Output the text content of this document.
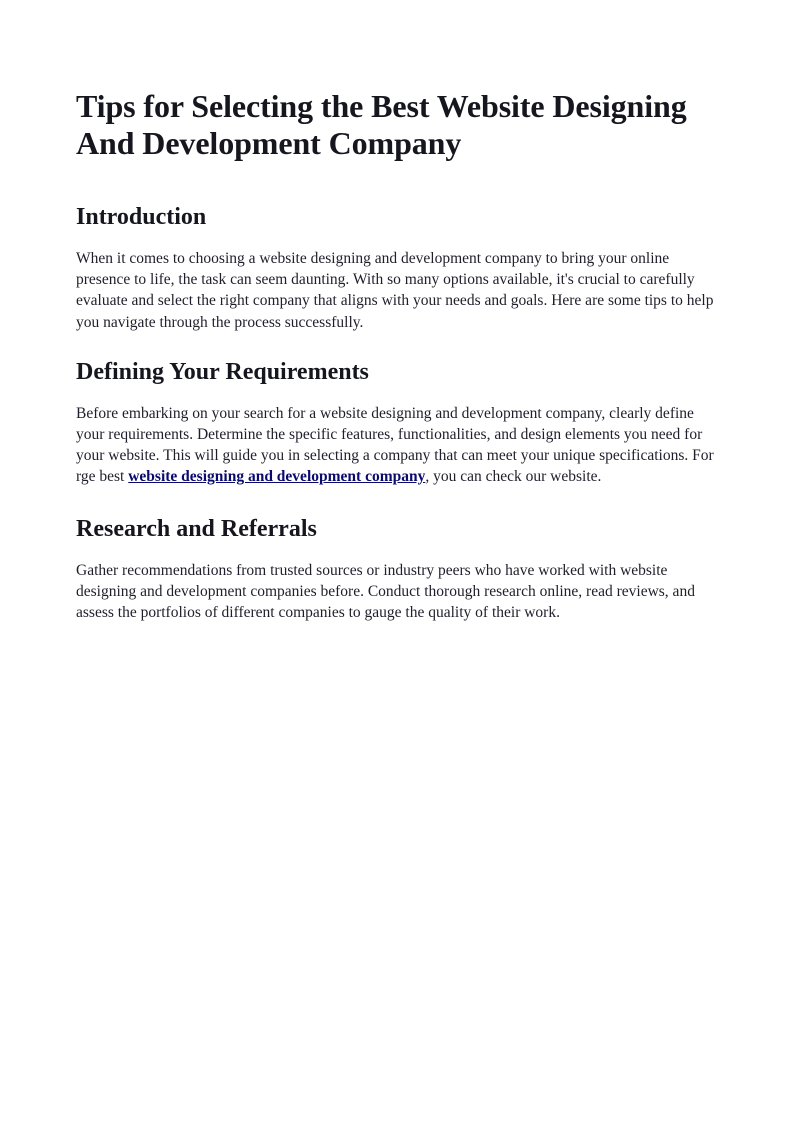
Tips for Selecting the Best Website Designing And Development Company
Introduction

When it comes to choosing a website designing and development company to bring your online presence to life, the task can seem daunting. With so many options available, it's crucial to carefully evaluate and select the right company that aligns with your needs and goals. Here are some tips to help you navigate through the process successfully.

Defining Your Requirements

Before embarking on your search for a website designing and development company, clearly define your requirements. Determine the specific features, functionalities, and design elements you need for your website. This will guide you in selecting a company that can meet your unique specifications. For rge best website designing and development company, you can check our website.

Research and Referrals

Gather recommendations from trusted sources or industry peers who have worked with website designing and development companies before. Conduct thorough research online, read reviews, and assess the portfolios of different companies to gauge the quality of their work.
